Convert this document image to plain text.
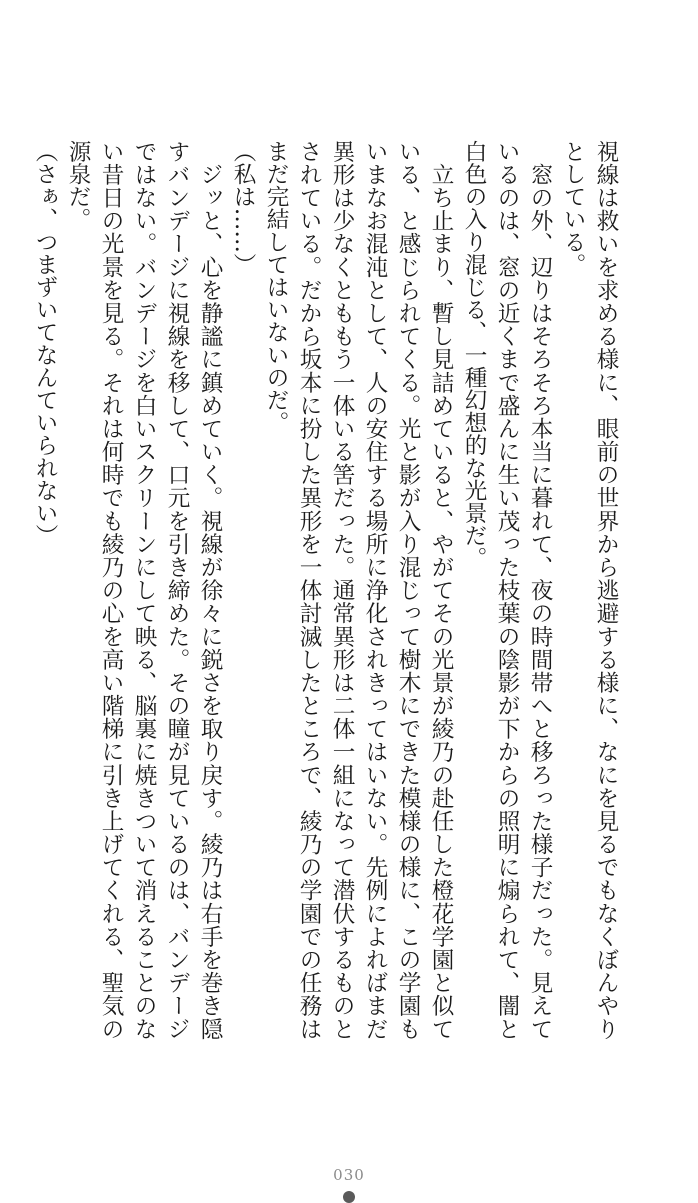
視線は救いを求める様に、眼前の世界から逃避する様に、なにを見るでもなくぼんやりとしている。

　窓の外、辺りはそろそろ本当に暮れて、夜の時間帯へと移ろった様子だった。見えているのは、窓の近くまで盛んに生い茂った枝葉の陰影が下からの照明に煽られて、闇と白色の入り混じる、一種幻想的な光景だ。

　立ち止まり、暫し見詰めていると、やがてその光景が綾乃の赴任した橙花学園と似ている、と感じられてくる。光と影が入り混じって樹木にできた模様の様に、この学園もいまなお混沌として、人の安住する場所に浄化されきってはいない。先例によればまだ異形は少なくとももう一体いる筈だった。通常異形は二体一組になって潜伏するものとされている。だから坂本に扮した異形を一体討滅したところで、綾乃の学園での任務はまだ完結してはいないのだ。

（私は……）

　ジッと、心を静謐に鎮めていく。視線が徐々に鋭さを取り戻す。綾乃は右手を巻き隠すバンデージに視線を移して、口元を引き締めた。その瞳が見ているのは、バンデージではない。バンデージを白いスクリーンにして映る、脳裏に焼きついて消えることのない昔日の光景を見る。それは何時でも綾乃の心を高い階梯に引き上げてくれる、聖気の源泉だ。

（さぁ、つまずいてなんていられない）

030
